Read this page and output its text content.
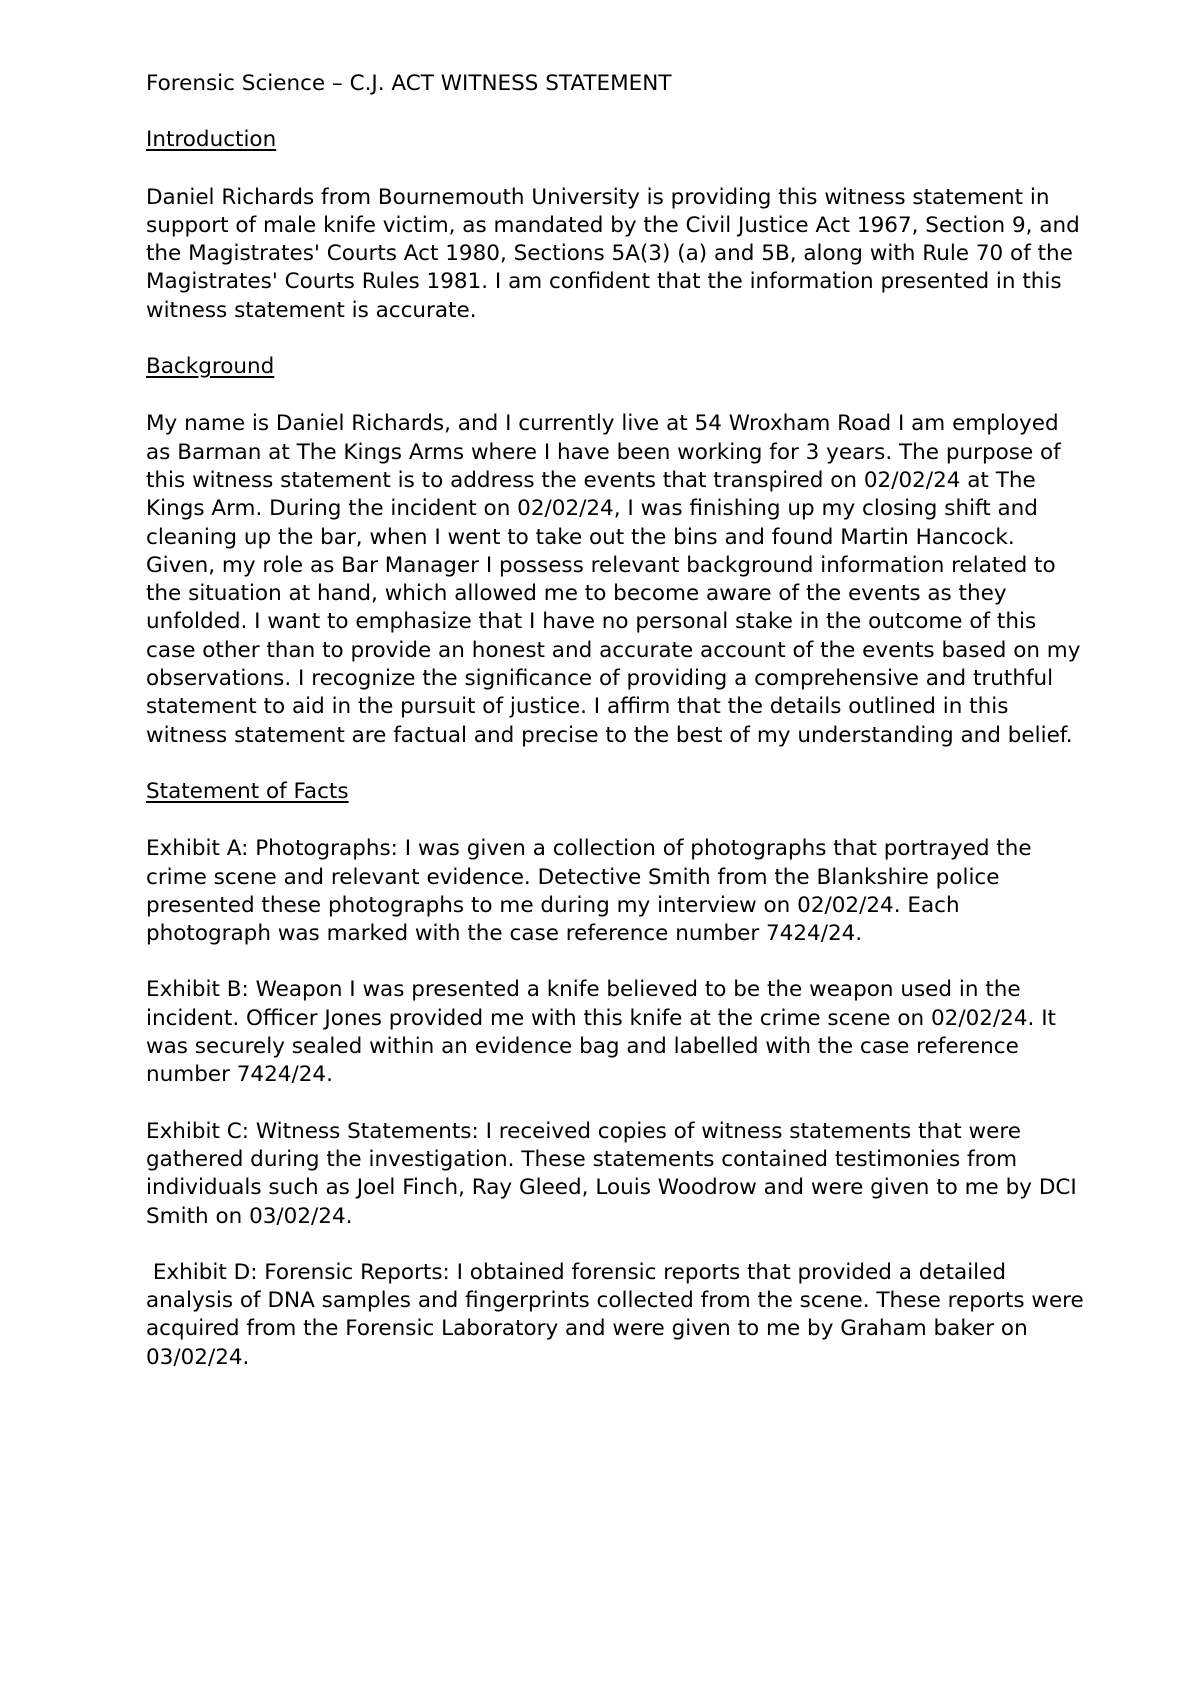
Forensic Science – C.J. ACT WITNESS STATEMENT
Introduction
Daniel Richards from Bournemouth University is providing this witness statement in support of male knife victim, as mandated by the Civil Justice Act 1967, Section 9, and the Magistrates' Courts Act 1980, Sections 5A(3) (a) and 5B, along with Rule 70 of the Magistrates' Courts Rules 1981. I am confident that the information presented in this witness statement is accurate.
Background
My name is Daniel Richards, and I currently live at 54 Wroxham Road I am employed as Barman at The Kings Arms where I have been working for 3 years. The purpose of this witness statement is to address the events that transpired on 02/02/24 at The Kings Arm. During the incident on 02/02/24, I was finishing up my closing shift and cleaning up the bar, when I went to take out the bins and found Martin Hancock. Given, my role as Bar Manager I possess relevant background information related to the situation at hand, which allowed me to become aware of the events as they unfolded. I want to emphasize that I have no personal stake in the outcome of this case other than to provide an honest and accurate account of the events based on my observations. I recognize the significance of providing a comprehensive and truthful statement to aid in the pursuit of justice. I affirm that the details outlined in this witness statement are factual and precise to the best of my understanding and belief.
Statement of Facts
Exhibit A: Photographs: I was given a collection of photographs that portrayed the crime scene and relevant evidence. Detective Smith from the Blankshire police presented these photographs to me during my interview on 02/02/24. Each photograph was marked with the case reference number 7424/24.
Exhibit B: Weapon I was presented a knife believed to be the weapon used in the incident. Officer Jones provided me with this knife at the crime scene on 02/02/24. It was securely sealed within an evidence bag and labelled with the case reference number 7424/24.
Exhibit C: Witness Statements: I received copies of witness statements that were gathered during the investigation. These statements contained testimonies from individuals such as Joel Finch, Ray Gleed, Louis Woodrow and were given to me by DCI Smith on 03/02/24.
Exhibit D: Forensic Reports: I obtained forensic reports that provided a detailed analysis of DNA samples and fingerprints collected from the scene. These reports were acquired from the Forensic Laboratory and were given to me by Graham baker on 03/02/24.
